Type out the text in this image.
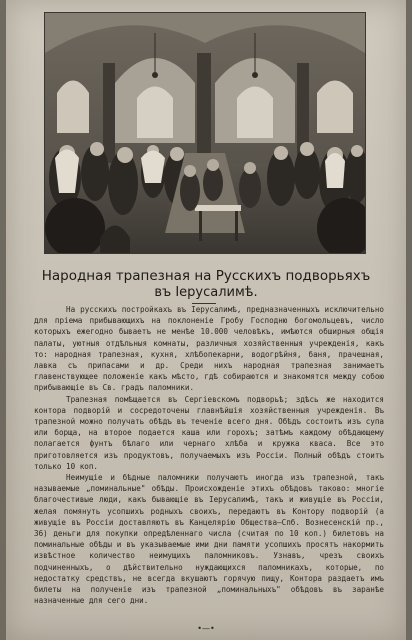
Народная трапезная на Русскихъ подворьяхъ
въ Іерусалимѣ.

На русскихъ постройкахъ въ Іерусалимѣ, предназначенныхъ исключительно для пріема прибывающихъ на поклоненіе Гробу Господню богомольцевъ, число которыхъ ежегодно бываетъ не менѣе 10.000 человѣкъ, имѣются обширныя общія палаты, уютныя отдѣльныя комнаты, различныя хозяйственныя учрежденія, какъ то: народная трапезная, кухня, хлѣбопекарни, водогрѣйня, баня, прачешная, лавка съ припасами и др. Среди нихъ народная трапезная занимаетъ главенствующее положеніе какъ мѣсто, гдѣ собираются и знакомятся между собою прибывающіе въ Св. градъ паломники.

Трапезная помѣщается въ Сергіевскомъ подворьѣ; здѣсь же находится контора подворій и сосредоточены главнѣйшія хозяйственныя учрежденія. Въ трапезной можно получать обѣдъ въ теченіе всего дня. Обѣдъ состоитъ изъ супа или борща, на второе подается каша или горохъ; затѣмъ каждому обѣдающему полагается фунтъ бѣлаго или чернаго хлѣба и кружка кваса. Все это приготовляется изъ продуктовъ, получаемыхъ изъ Россіи. Полный обѣдъ стоитъ только 10 коп.

Неимущіе и бѣдные паломники получаютъ иногда изъ трапезной, такъ называемые „поминальные" обѣды. Происхожденіе этихъ обѣдовъ таково: многіе благочестивые люди, какъ бывающіе въ Іерусалимѣ, такъ и живущіе въ Россіи, желая помянуть усопшихъ родныхъ своихъ, передаютъ въ Контору подворій (а живущіе въ Россіи доставляютъ въ Канцелярію Общества—Спб. Вознесенскій пр., 36) деньги для покупки опредѣленнаго числа (считая по 10 коп.) билетовъ на поминальные обѣды и въ указываемые ими дни памяти усопшихъ просятъ накормить извѣстное количество неимущихъ паломниковъ. Узнавъ, чрезъ своихъ подчиненныхъ, о дѣйствительно нуждающихся паломникахъ, которые, по недостатку средствъ, не всегда вкушаютъ горячую пищу, Контора раздаетъ имъ билеты на полученіе изъ трапезной „поминальныхъ" обѣдовъ въ заранѣе назначенные для сего дни.

•—•
